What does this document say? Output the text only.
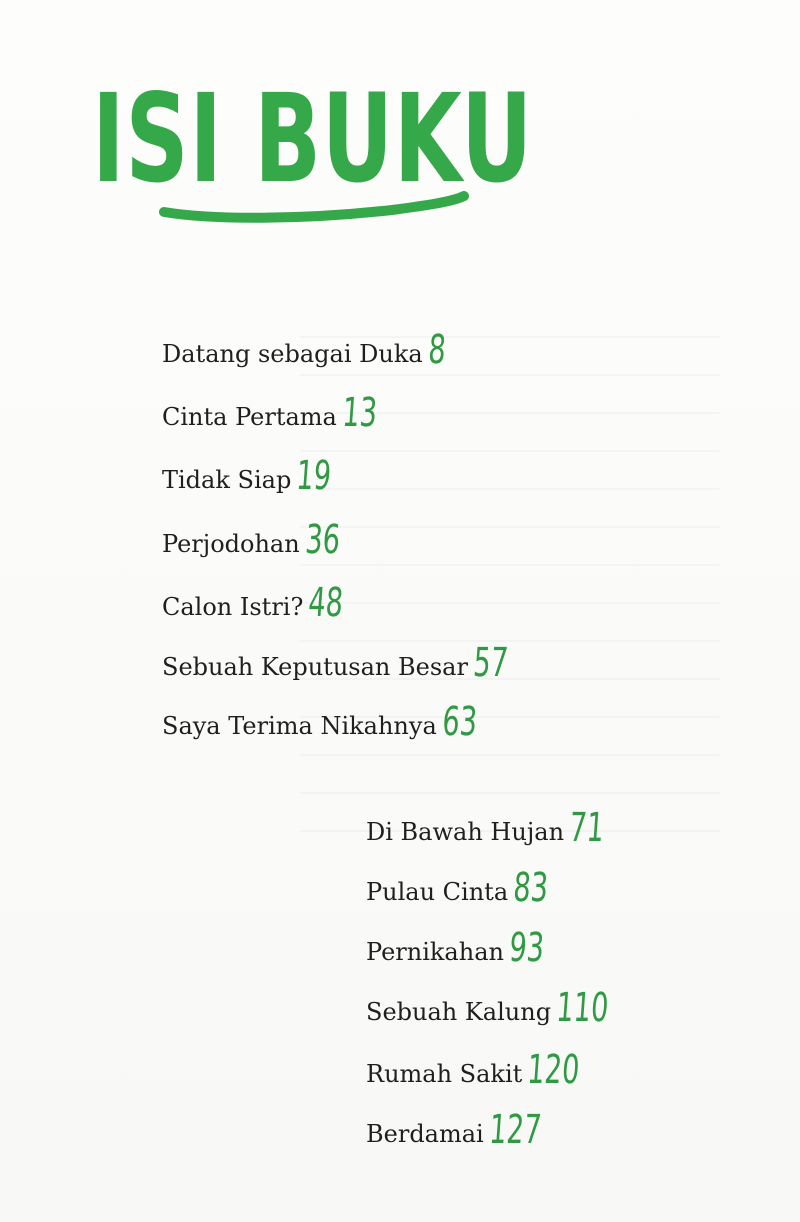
ISI BUKU
Datang sebagai Duka 8
Cinta Pertama 13
Tidak Siap 19
Perjodohan 36
Calon Istri? 48
Sebuah Keputusan Besar 57
Saya Terima Nikahnya 63
Di Bawah Hujan 71
Pulau Cinta 83
Pernikahan 93
Sebuah Kalung 110
Rumah Sakit 120
Berdamai 127
